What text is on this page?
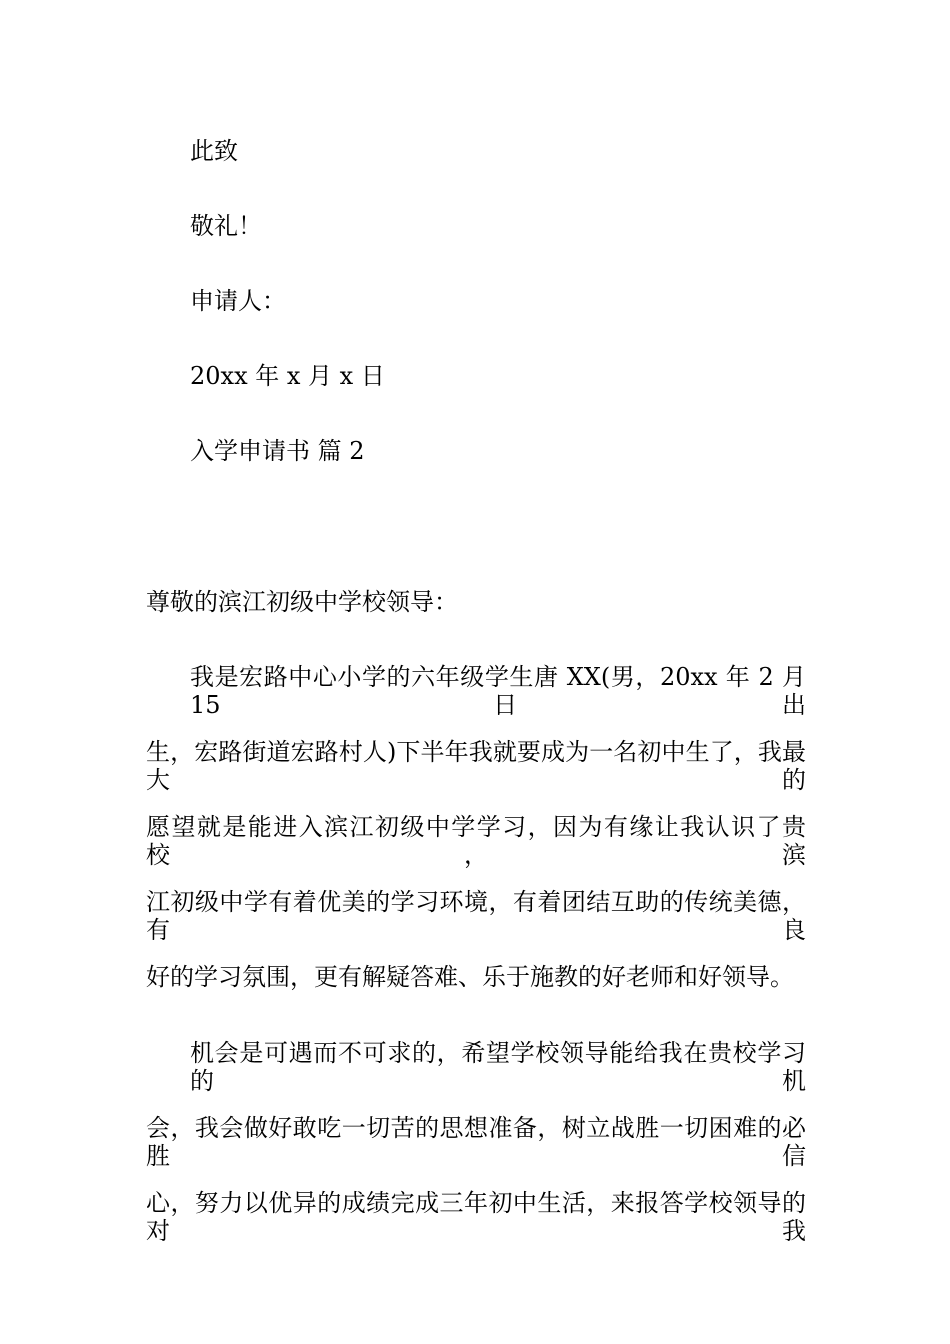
此致
敬礼！
申请人：
20xx 年 x 月 x 日
入学申请书 篇 2
尊敬的滨江初级中学校领导：
我是宏路中心小学的六年级学生唐 XX(男，20xx 年 2 月 15 日出
生，宏路街道宏路村人)下半年我就要成为一名初中生了，我最大的
愿望就是能进入滨江初级中学学习，因为有缘让我认识了贵校，滨
江初级中学有着优美的学习环境，有着团结互助的传统美德，有良
好的学习氛围，更有解疑答难、乐于施教的好老师和好领导。
机会是可遇而不可求的，希望学校领导能给我在贵校学习的机
会，我会做好敢吃一切苦的思想准备，树立战胜一切困难的必胜信
心，努力以优异的成绩完成三年初中生活，来报答学校领导的对我
